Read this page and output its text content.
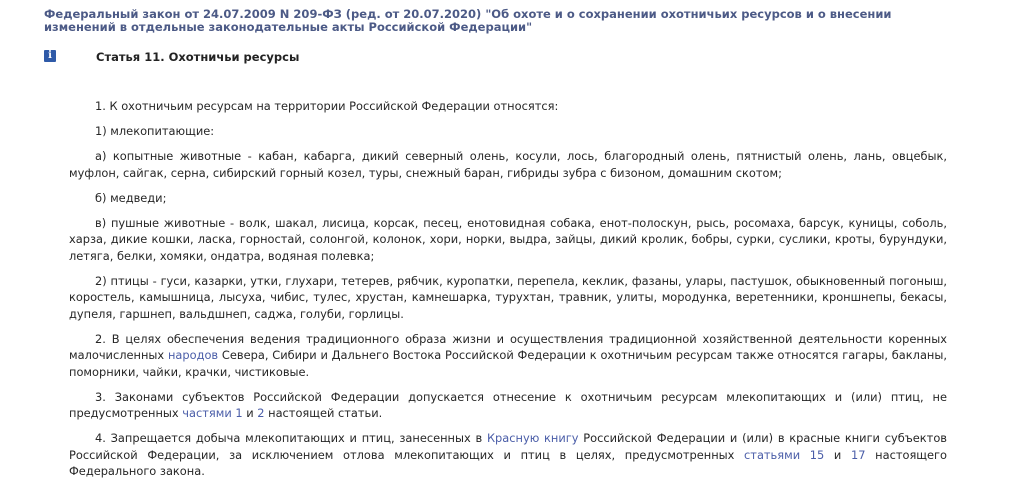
Федеральный закон от 24.07.2009 N 209-ФЗ (ред. от 20.07.2020) "Об охоте и о сохранении охотничьих ресурсов и о внесении изменений в отдельные законодательные акты Российской Федерации"
i	Статья 11. Охотничьи ресурсы

1. К охотничьим ресурсам на территории Российской Федерации относятся:

1) млекопитающие:

а) копытные животные - кабан, кабарга, дикий северный олень, косули, лось, благородный олень, пятнистый олень, лань, овцебык, муфлон, сайгак, серна, сибирский горный козел, туры, снежный баран, гибриды зубра с бизоном, домашним скотом;

б) медведи;

в) пушные животные - волк, шакал, лисица, корсак, песец, енотовидная собака, енот-полоскун, рысь, росомаха, барсук, куницы, соболь, харза, дикие кошки, ласка, горностай, солонгой, колонок, хори, норки, выдра, зайцы, дикий кролик, бобры, сурки, суслики, кроты, бурундуки, летяга, белки, хомяки, ондатра, водяная полевка;

2) птицы - гуси, казарки, утки, глухари, тетерев, рябчик, куропатки, перепела, кеклик, фазаны, улары, пастушок, обыкновенный погоныш, коростель, камышница, лысуха, чибис, тулес, хрустан, камнешарка, турухтан, травник, улиты, мородунка, веретенники, кроншнепы, бекасы, дупеля, гаршнеп, вальдшнеп, саджа, голуби, горлицы.

2. В целях обеспечения ведения традиционного образа жизни и осуществления традиционной хозяйственной деятельности коренных малочисленных народов Севера, Сибири и Дальнего Востока Российской Федерации к охотничьим ресурсам также относятся гагары, бакланы, поморники, чайки, крачки, чистиковые.

3. Законами субъектов Российской Федерации допускается отнесение к охотничьим ресурсам млекопитающих и (или) птиц, не предусмотренных частями 1 и 2 настоящей статьи.

4. Запрещается добыча млекопитающих и птиц, занесенных в Красную книгу Российской Федерации и (или) в красные книги субъектов Российской Федерации, за исключением отлова млекопитающих и птиц в целях, предусмотренных статьями 15 и 17 настоящего Федерального закона.
